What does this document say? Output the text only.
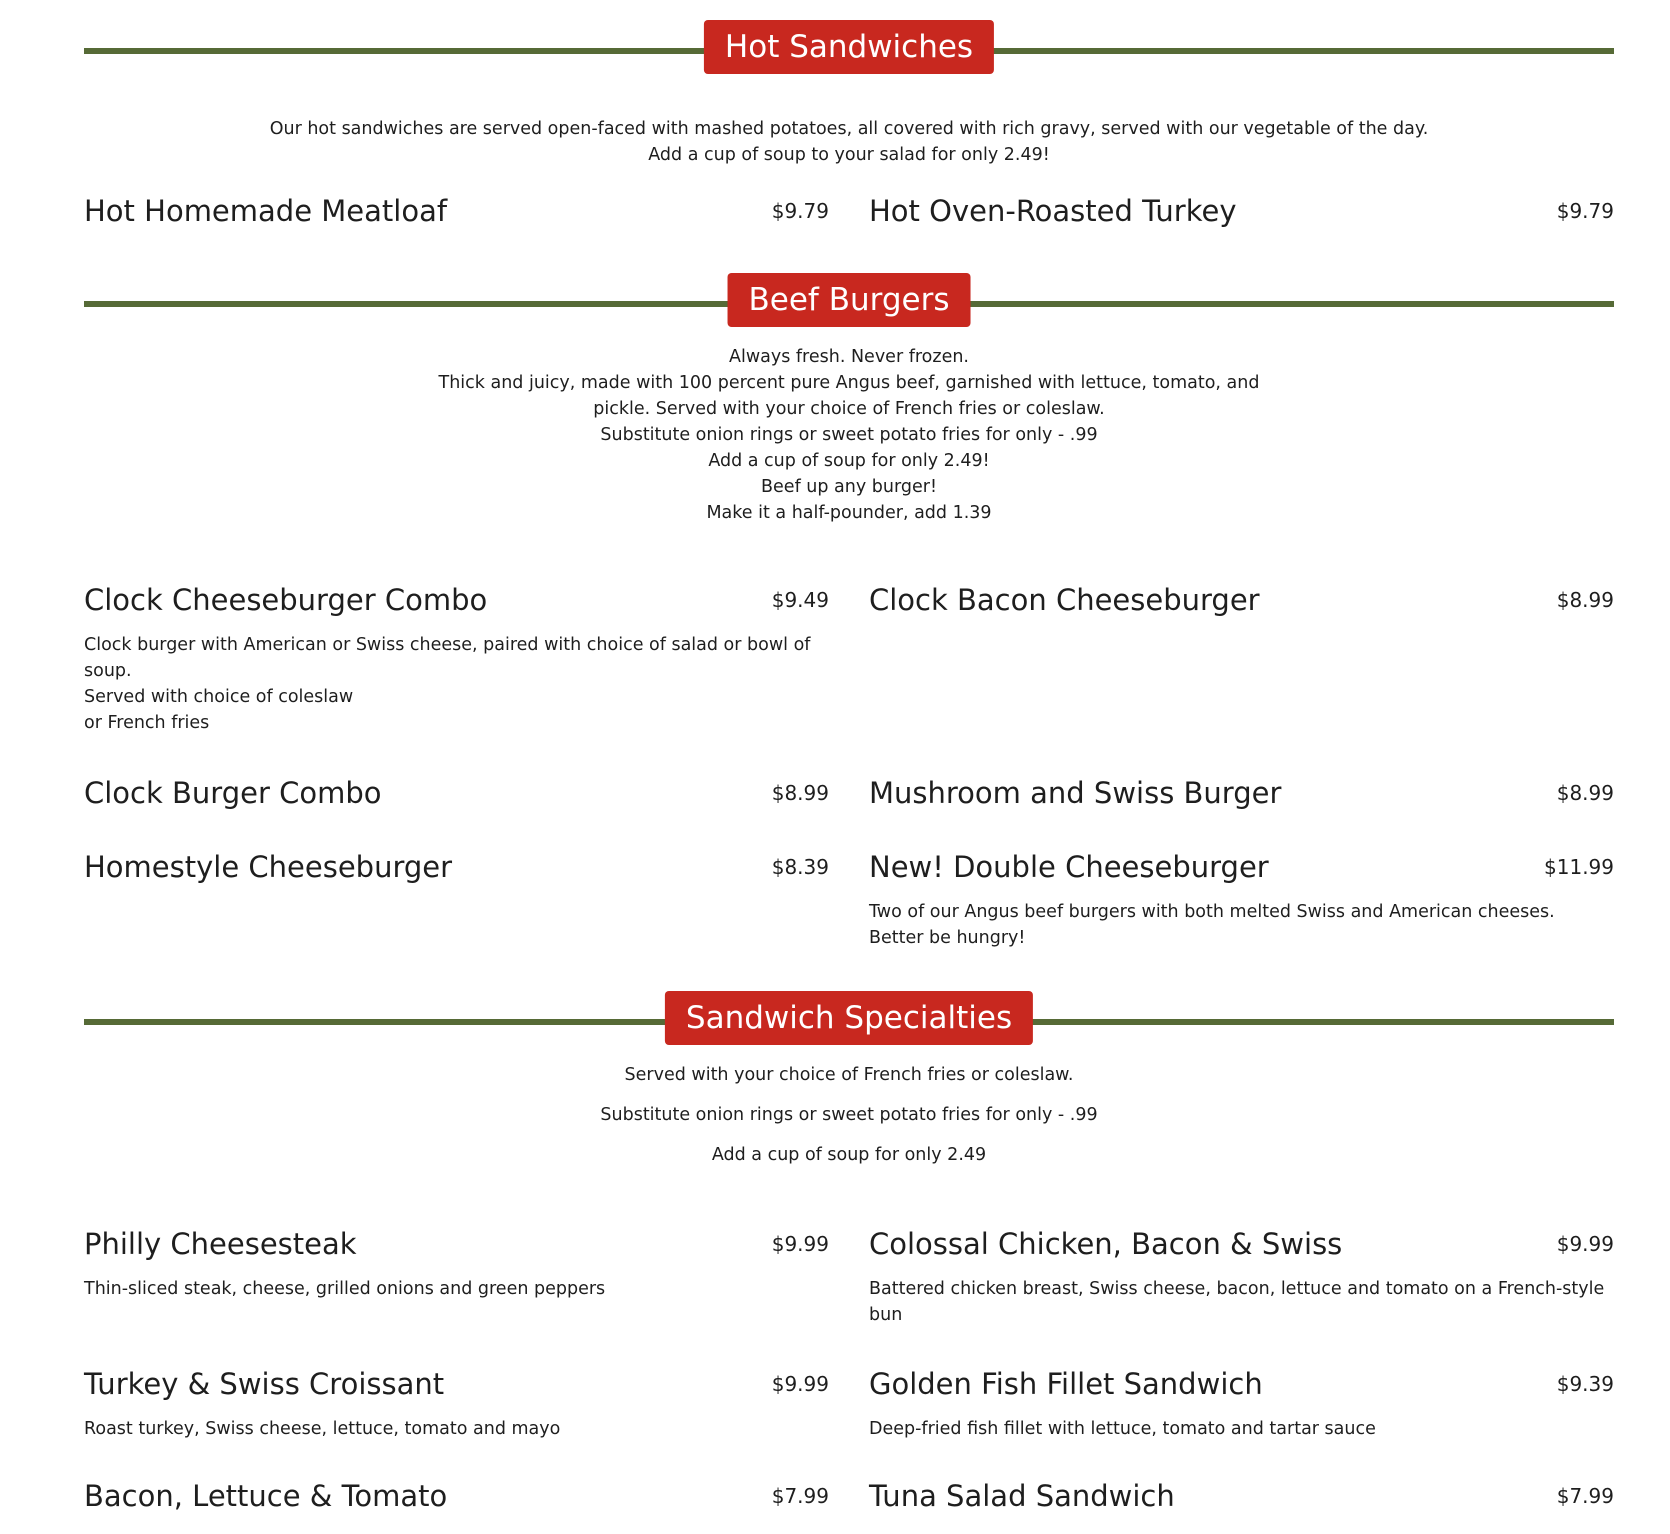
Hot Sandwiches

Our hot sandwiches are served open-faced with mashed potatoes, all covered with rich gravy, served with our vegetable of the day.

Add a cup of soup to your salad for only 2.49!

Hot Homemade Meatloaf	$9.79 Hot Oven-Roasted Turkey	$9.79
Beef Burgers

Always fresh. Never frozen.

Thick and juicy, made with 100 percent pure Angus beef, garnished with lettuce, tomato, and

pickle. Served with your choice of French fries or coleslaw.

Substitute onion rings or sweet potato fries for only - .99

Add a cup of soup for only 2.49!

Beef up any burger!

Make it a half-pounder, add 1.39

Clock Cheeseburger Combo	$9.49

Clock burger with American or Swiss cheese, paired with choice of salad or bowl of soup.

Served with choice of coleslaw

or French fries

Clock Bacon Cheeseburger	$8.99
Clock Burger Combo	$8.99 Mushroom and Swiss Burger	$8.99
Homestyle Cheeseburger	$8.39 New! Double Cheeseburger	$11.99

Two of our Angus beef burgers with both melted Swiss and American cheeses. Better be hungry!

Sandwich Specialties

Served with your choice of French fries or coleslaw.

Substitute onion rings or sweet potato fries for only - .99

Add a cup of soup for only 2.49

Philly Cheesesteak	$9.99

Thin-sliced steak, cheese, grilled onions and green peppers

Colossal Chicken, Bacon & Swiss	$9.99

Battered chicken breast, Swiss cheese, bacon, lettuce and tomato on a French-style bun

Turkey & Swiss Croissant	$9.99

Roast turkey, Swiss cheese, lettuce, tomato and mayo

Golden Fish Fillet Sandwich	$9.39

Deep-fried fish fillet with lettuce, tomato and tartar sauce

Bacon, Lettuce & Tomato	$7.99 Tuna Salad Sandwich	$7.99
